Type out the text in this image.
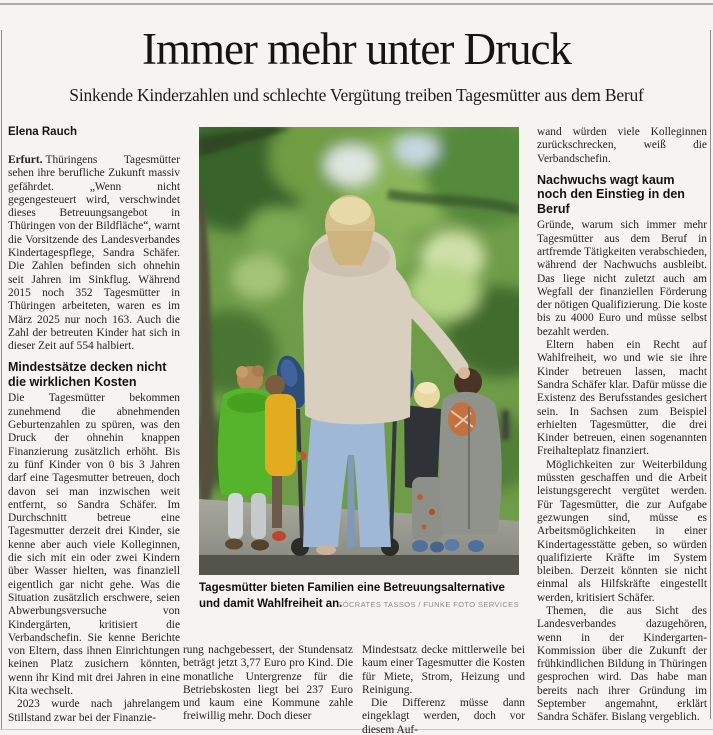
Immer mehr unter Druck
Sinkende Kinderzahlen und schlechte Vergütung treiben Tagesmütter aus dem Beruf

Elena Rauch

Erfurt. Thüringens Tagesmütter sehen ihre berufliche Zukunft massiv gefährdet. „Wenn nicht gegengesteuert wird, verschwindet dieses Betreuungsangebot in Thüringen von der Bildfläche“, warnt die Vorsitzende des Landesverbandes Kindertagespflege, Sandra Schäfer. Die Zahlen befinden sich ohnehin seit Jahren im Sinkflug. Während 2015 noch 352 Tagesmütter in Thüringen arbeiteten, waren es im März 2025 nur noch 163. Auch die Zahl der betreuten Kinder hat sich in dieser Zeit auf 554 halbiert.

Mindestsätze decken nicht die wirklichen Kosten

Die Tagesmütter bekommen zunehmend die abnehmenden Geburtenzahlen zu spüren, was den Druck der ohnehin knappen Finanzierung zusätzlich erhöht. Bis zu fünf Kinder von 0 bis 3 Jahren darf eine Tagesmutter betreuen, doch davon sei man inzwischen weit entfernt, so Sandra Schäfer. Im Durchschnitt betreue eine Tagesmutter derzeit drei Kinder, sie kenne aber auch viele Kolleginnen, die sich mit ein oder zwei Kindern über Wasser hielten, was finanziell eigentlich gar nicht gehe. Was die Situation zusätzlich erschwere, seien Abwerbungsversuche von Kindergärten, kritisiert die Verbandschefin. Sie kenne Berichte von Eltern, dass ihnen Einrichtungen keinen Platz zusichern könnten, wenn ihr Kind mit drei Jahren in eine Kita wechselt.

2023 wurde nach jahrelangem Stillstand zwar bei der Finanzie-

Tagesmütter bieten Familien eine Betreuungsalternative und damit Wahlfreiheit an.

SÓCRATES TASSOS / FUNKE FOTO SERVICES

rung nachgebessert, der Stundensatz beträgt jetzt 3,77 Euro pro Kind. Die monatliche Untergrenze für die Betriebskosten liegt bei 237 Euro und kaum eine Kommune zahle freiwillig mehr. Doch dieser

Mindestsatz decke mittlerweile bei kaum einer Tagesmutter die Kosten für Miete, Strom, Heizung und Reinigung.

Die Differenz müsse dann eingeklagt werden, doch vor diesem Auf-

wand würden viele Kolleginnen zurückschrecken, weiß die Verbandschefin.

Nachwuchs wagt kaum noch den Einstieg in den Beruf

Gründe, warum sich immer mehr Tagesmütter aus dem Beruf in artfremde Tätigkeiten verabschieden, während der Nachwuchs ausbleibt. Das liege nicht zuletzt auch am Wegfall der finanziellen Förderung der nötigen Qualifizierung. Die koste bis zu 4000 Euro und müsse selbst bezahlt werden.

Eltern haben ein Recht auf Wahlfreiheit, wo und wie sie ihre Kinder betreuen lassen, macht Sandra Schäfer klar. Dafür müsse die Existenz des Berufsstandes gesichert sein. In Sachsen zum Beispiel erhielten Tagesmütter, die drei Kinder betreuen, einen sogenannten Freihalteplatz finanziert.

Möglichkeiten zur Weiterbildung müssten geschaffen und die Arbeit leistungsgerecht vergütet werden. Für Tagesmütter, die zur Aufgabe gezwungen sind, müsse es Arbeitsmöglichkeiten in einer Kindertagesstätte geben, so würden qualifizierte Kräfte im System bleiben. Derzeit könnten sie nicht einmal als Hilfskräfte eingestellt werden, kritisiert Schäfer.

Themen, die aus Sicht des Landesverbandes dazugehören, wenn in der Kindergarten-Kommission über die Zukunft der frühkindlichen Bildung in Thüringen gesprochen wird. Das habe man bereits nach ihrer Gründung im September angemahnt, erklärt Sandra Schäfer. Bislang vergeblich.
